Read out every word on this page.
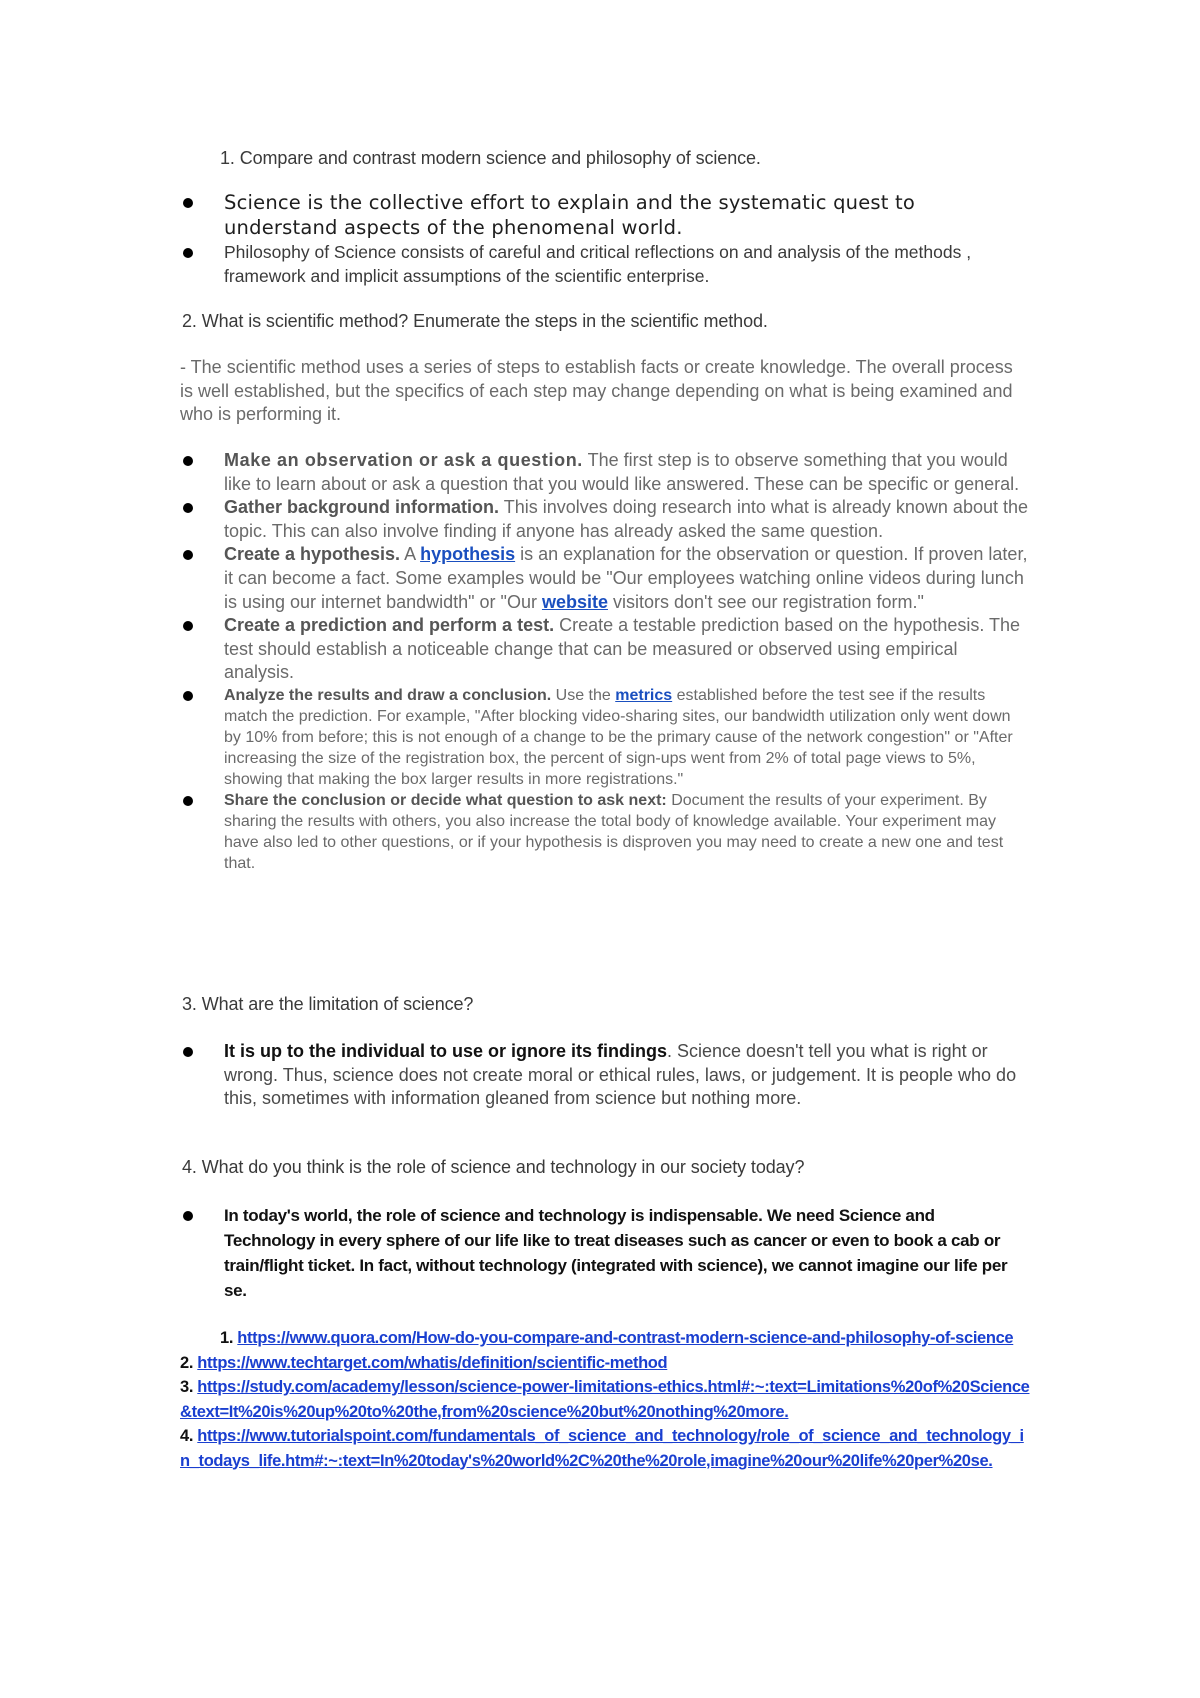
1. Compare and contrast modern science and philosophy of science.
Science is the collective effort to explain and the systematic quest to understand aspects of the phenomenal world.
Philosophy of Science consists of careful and critical reflections on and analysis of the methods , framework and implicit assumptions of the scientific enterprise.
2. What is scientific method? Enumerate the steps in the scientific method.
- The scientific method uses a series of steps to establish facts or create knowledge. The overall process is well established, but the specifics of each step may change depending on what is being examined and who is performing it.
Make an observation or ask a question. The first step is to observe something that you would like to learn about or ask a question that you would like answered. These can be specific or general.
Gather background information. This involves doing research into what is already known about the topic. This can also involve finding if anyone has already asked the same question.
Create a hypothesis. A hypothesis is an explanation for the observation or question. If proven later, it can become a fact. Some examples would be "Our employees watching online videos during lunch is using our internet bandwidth" or "Our website visitors don't see our registration form."
Create a prediction and perform a test. Create a testable prediction based on the hypothesis. The test should establish a noticeable change that can be measured or observed using empirical analysis.
Analyze the results and draw a conclusion. Use the metrics established before the test see if the results match the prediction. For example, "After blocking video-sharing sites, our bandwidth utilization only went down by 10% from before; this is not enough of a change to be the primary cause of the network congestion" or "After increasing the size of the registration box, the percent of sign-ups went from 2% of total page views to 5%, showing that making the box larger results in more registrations."
Share the conclusion or decide what question to ask next: Document the results of your experiment. By sharing the results with others, you also increase the total body of knowledge available. Your experiment may have also led to other questions, or if your hypothesis is disproven you may need to create a new one and test that.
3. What are the limitation of science?
It is up to the individual to use or ignore its findings. Science doesn't tell you what is right or wrong. Thus, science does not create moral or ethical rules, laws, or judgement. It is people who do this, sometimes with information gleaned from science but nothing more.
4. What do you think is the role of science and technology in our society today?
In today's world, the role of science and technology is indispensable. We need Science and Technology in every sphere of our life like to treat diseases such as cancer or even to book a cab or train/flight ticket. In fact, without technology (integrated with science), we cannot imagine our life per se.
1. https://www.quora.com/How-do-you-compare-and-contrast-modern-science-and-philosophy-of-science
2. https://www.techtarget.com/whatis/definition/scientific-method
3. https://study.com/academy/lesson/science-power-limitations-ethics.html#:~:text=Limitations%20of%20Science&text=It%20is%20up%20to%20the,from%20science%20but%20nothing%20more.
4. https://www.tutorialspoint.com/fundamentals_of_science_and_technology/role_of_science_and_technology_in_todays_life.htm#:~:text=In%20today's%20world%2C%20the%20role,imagine%20our%20life%20per%20se.
